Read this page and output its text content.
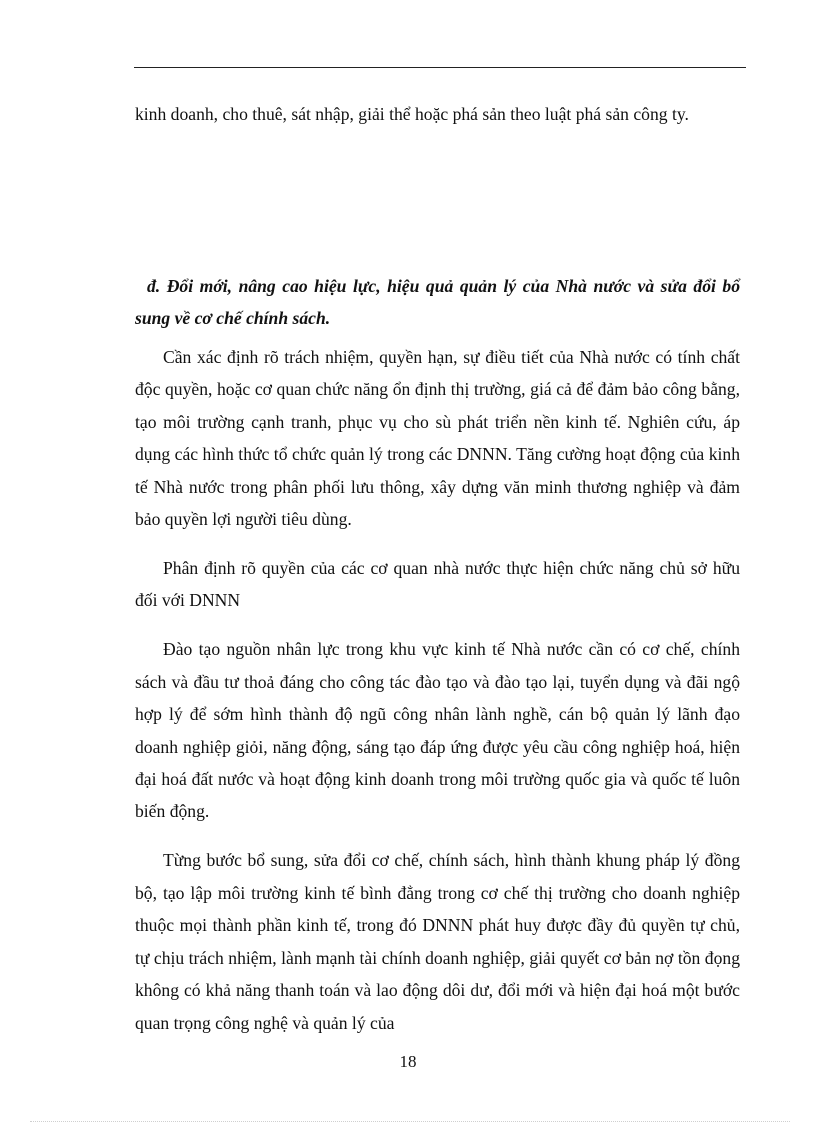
kinh doanh, cho thuê, sát nhập, giải thể hoặc phá sản theo luật phá sản công ty.

đ. Đổi mới, nâng cao hiệu lực, hiệu quả quản lý của Nhà nước và sửa đổi bổ sung về cơ chế chính sách.

Cần xác định rõ trách nhiệm, quyền hạn, sự điều tiết của Nhà nước có tính chất độc quyền, hoặc cơ quan chức năng ổn định thị trường, giá cả để đảm bảo công bằng, tạo môi trường cạnh tranh, phục vụ cho sù phát triển nền kinh tế. Nghiên cứu, áp dụng các hình thức tổ chức quản lý trong các DNNN. Tăng cường hoạt động của kinh tế Nhà nước trong phân phối lưu thông, xây dựng văn minh thương nghiệp và đảm bảo quyền lợi người tiêu dùng.

Phân định rõ quyền của các cơ quan nhà nước thực hiện chức năng chủ sở hữu đối với DNNN

Đào tạo nguồn nhân lực trong khu vực kinh tế Nhà nước cần có cơ chế, chính sách và đầu tư thoả đáng cho công tác đào tạo và đào tạo lại, tuyển dụng và đãi ngộ hợp lý để sớm hình thành độ ngũ công nhân lành nghề, cán bộ quản lý lãnh đạo doanh nghiệp giỏi, năng động, sáng tạo đáp ứng được yêu cầu công nghiệp hoá, hiện đại hoá đất nước và hoạt động kinh doanh trong môi trường quốc gia và quốc tế luôn biến động.

Từng bước bổ sung, sửa đổi cơ chế, chính sách, hình thành khung pháp lý đồng bộ, tạo lập môi trường kinh tế bình đẳng trong cơ chế thị trường cho doanh nghiệp thuộc mọi thành phần kinh tế, trong đó DNNN phát huy được đầy đủ quyền tự chủ, tự chịu trách nhiệm, lành mạnh tài chính doanh nghiệp, giải quyết cơ bản nợ tồn đọng không có khả năng thanh toán và lao động dôi dư, đổi mới và hiện đại hoá một bước quan trọng công nghệ và quản lý của

18
